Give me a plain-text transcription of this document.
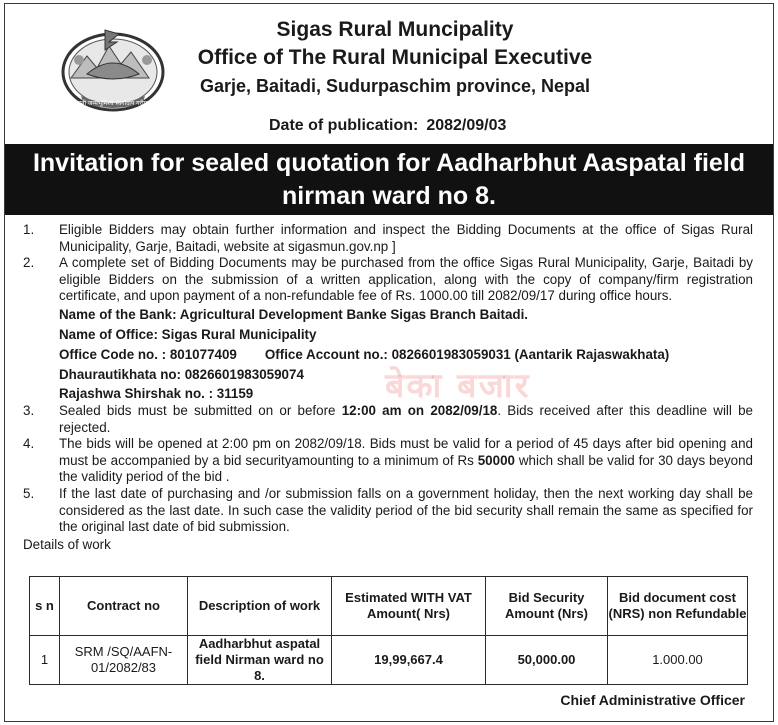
जननी जन्मभूमिश्च स्वर्गादपि गरीयसी
Sigas Rural Muncipality
Office of The Rural Municipal Executive
Garje, Baitadi, Sudurpaschim province, Nepal
Date of publication: 2082/09/03
Invitation for sealed quotation for Aadharbhut Aaspatal field
nirman ward no 8.
बेका बजार
1.	Eligible Bidders may obtain further information and inspect the Bidding Documents at the office of Sigas Rural Municipality, Garje, Baitadi, website at sigasmun.gov.np ]
2.	A complete set of Bidding Documents may be purchased from the office Sigas Rural Municipality, Garje, Baitadi by eligible Bidders on the submission of a written application, along with the copy of company/firm registration certificate, and upon payment of a non-refundable fee of Rs. 1000.00 till 2082/09/17 during office hours.
Name of the Bank: Agricultural Development Banke Sigas Branch Baitadi.
Name of Office: Sigas Rural Municipality
Office Code no. : 801077409 Office Account no.: 0826601983059031 (Aantarik Rajaswakhata)
Dhaurautikhata no: 0826601983059074
Rajashwa Shirshak no. : 31159
3.	Sealed bids must be submitted on or before 12:00 am on 2082/09/18. Bids received after this deadline will be rejected.
4.	The bids will be opened at 2:00 pm on 2082/09/18. Bids must be valid for a period of 45 days after bid opening and must be accompanied by a bid securityamounting to a minimum of Rs 50000 which shall be valid for 30 days beyond the validity period of the bid .
5.	If the last date of purchasing and /or submission falls on a government holiday, then the next working day shall be considered as the last date. In such case the validity period of the bid security shall remain the same as specified for the original last date of bid submission.
Details of work
s n	Contract no	Description of work	Estimated WITH VAT Amount( Nrs)	Bid Security Amount (Nrs)	Bid document cost (NRS) non Refundable
1	SRM /SQ/AAFN-01/2082/83	Aadharbhut aspatal field Nirman ward no 8.	19,99,667.4	50,000.00	1.000.00
Chief Administrative Officer
